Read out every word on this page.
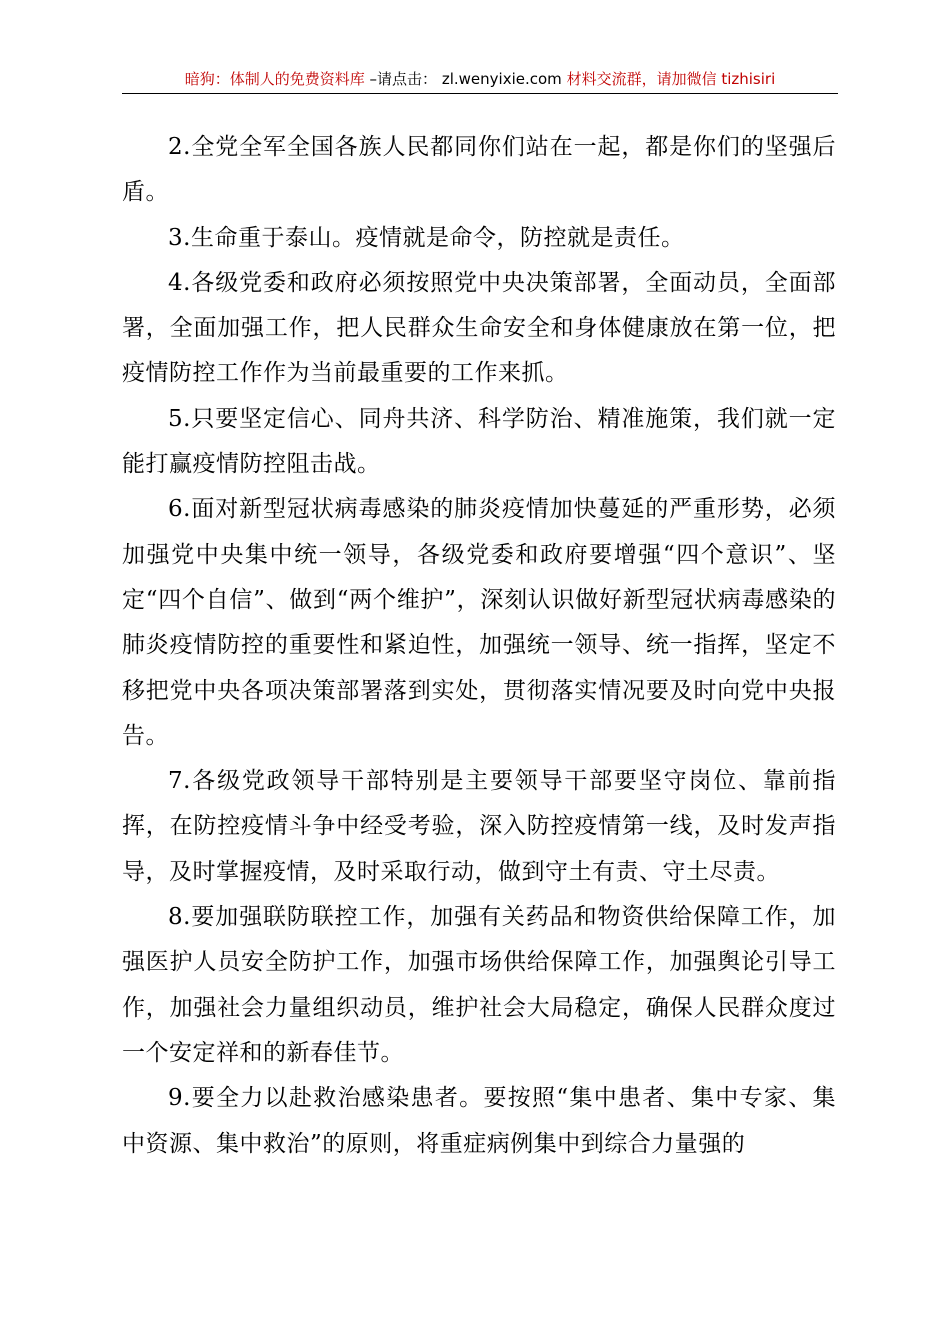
暗狗：体制人的免费资料库 –请点击： zl.wenyixie.com 材料交流群，请加微信 tizhisiri

2.全党全军全国各族人民都同你们站在一起，都是你们的坚强后盾。

3.生命重于泰山。疫情就是命令，防控就是责任。

4.各级党委和政府必须按照党中央决策部署，全面动员，全面部署，全面加强工作，把人民群众生命安全和身体健康放在第一位，把疫情防控工作作为当前最重要的工作来抓。

5.只要坚定信心、同舟共济、科学防治、精准施策，我们就一定能打赢疫情防控阻击战。

6.面对新型冠状病毒感染的肺炎疫情加快蔓延的严重形势，必须加强党中央集中统一领导，各级党委和政府要增强“四个意识”、坚定“四个自信”、做到“两个维护”，深刻认识做好新型冠状病毒感染的肺炎疫情防控的重要性和紧迫性，加强统一领导、统一指挥，坚定不移把党中央各项决策部署落到实处，贯彻落实情况要及时向党中央报告。

7.各级党政领导干部特别是主要领导干部要坚守岗位、靠前指挥，在防控疫情斗争中经受考验，深入防控疫情第一线，及时发声指导，及时掌握疫情，及时采取行动，做到守土有责、守土尽责。

8.要加强联防联控工作，加强有关药品和物资供给保障工作，加强医护人员安全防护工作，加强市场供给保障工作，加强舆论引导工作，加强社会力量组织动员，维护社会大局稳定，确保人民群众度过一个安定祥和的新春佳节。

9.要全力以赴救治感染患者。要按照“集中患者、集中专家、集中资源、集中救治”的原则，将重症病例集中到综合力量强的
